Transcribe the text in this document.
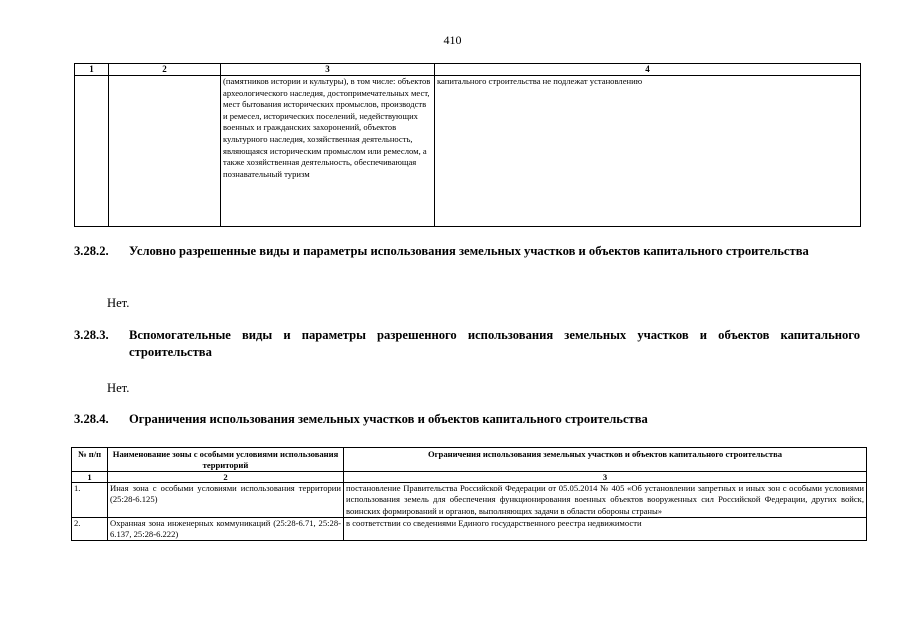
410
1	2	3	4
		(памятников истории и культуры), в том числе: объектов археологического наследия, достопримечательных мест, мест бытования исторических промыслов, производств и ремесел, исторических поселений, недействующих военных и гражданских захоронений, объектов культурного наследия, хозяйственная деятельность, являющаяся историческим промыслом или ремеслом, а также хозяйственная деятельность, обеспечивающая познавательный туризм	капитального строительства не подлежат установлению
3.28.2. Условно разрешенные виды и параметры использования земельных участков и объектов капитального строительства
Нет.
3.28.3. Вспомогательные виды и параметры разрешенного использования земельных участков и объектов капитального строительства
Нет.
3.28.4. Ограничения использования земельных участков и объектов капитального строительства
№ п/п	Наименование зоны с особыми условиями использования территорий	Ограничения использования земельных участков и объектов капитального строительства
1	2	3
1.	Иная зона с особыми условиями использования территории (25:28-6.125)	постановление Правительства Российской Федерации от 05.05.2014 № 405 «Об установлении запретных и иных зон с особыми условиями использования земель для обеспечения функционирования военных объектов вооруженных сил Российской Федерации, других войск, воинских формирований и органов, выполняющих задачи в области обороны страны»
2.	Охранная зона инженерных коммуникаций (25:28-6.71, 25:28-6.137, 25:28-6.222)	в соответствии со сведениями Единого государственного реестра недвижимости
